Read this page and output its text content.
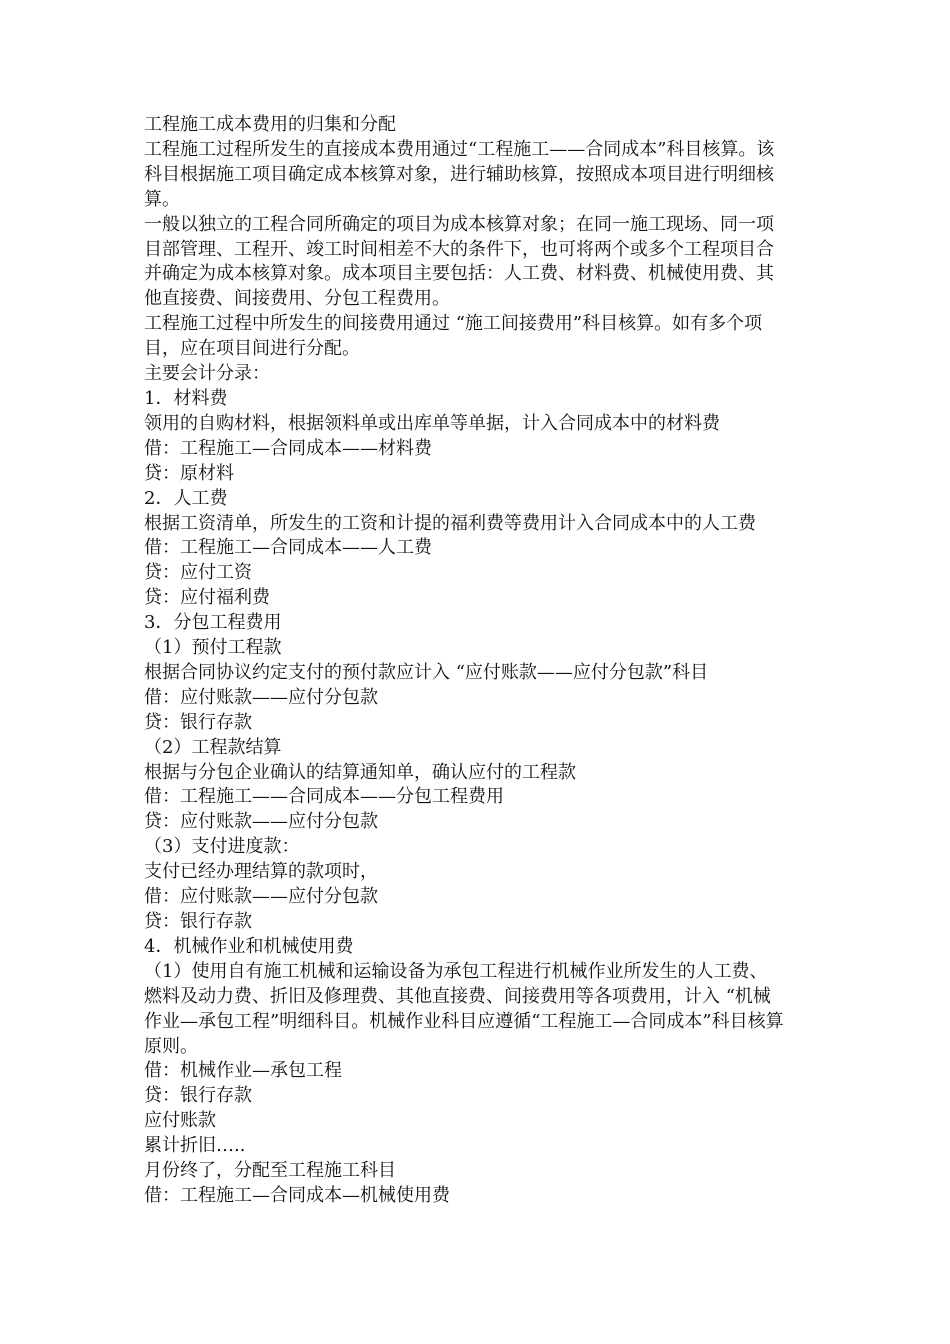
工程施工成本费用的归集和分配

工程施工过程所发生的直接成本费用通过“工程施工——合同成本”科目核算。该

科目根据施工项目确定成本核算对象，进行辅助核算，按照成本项目进行明细核

算。

一般以独立的工程合同所确定的项目为成本核算对象；在同一施工现场、同一项

目部管理、工程开、竣工时间相差不大的条件下，也可将两个或多个工程项目合

并确定为成本核算对象。成本项目主要包括：人工费、材料费、机械使用费、其

他直接费、间接费用、分包工程费用。

工程施工过程中所发生的间接费用通过 “施工间接费用”科目核算。如有多个项

目，应在项目间进行分配。

主要会计分录：

1．材料费

领用的自购材料，根据领料单或出库单等单据，计入合同成本中的材料费

借：工程施工—合同成本——材料费

贷：原材料

2．人工费

根据工资清单，所发生的工资和计提的福利费等费用计入合同成本中的人工费

借：工程施工—合同成本——人工费

贷：应付工资

贷：应付福利费

3．分包工程费用

（1）预付工程款

根据合同协议约定支付的预付款应计入 “应付账款——应付分包款”科目

借：应付账款——应付分包款

贷：银行存款

（2）工程款结算

根据与分包企业确认的结算通知单，确认应付的工程款

借：工程施工——合同成本——分包工程费用

贷：应付账款——应付分包款

（3）支付进度款：

支付已经办理结算的款项时，

借：应付账款——应付分包款

贷：银行存款

4．机械作业和机械使用费

（1）使用自有施工机械和运输设备为承包工程进行机械作业所发生的人工费、

燃料及动力费、折旧及修理费、其他直接费、间接费用等各项费用，计入 “机械

作业—承包工程”明细科目。机械作业科目应遵循“工程施工—合同成本”科目核算

原则。

借：机械作业—承包工程

贷：银行存款

应付账款

累计折旧…..

月份终了，分配至工程施工科目

借：工程施工—合同成本—机械使用费
